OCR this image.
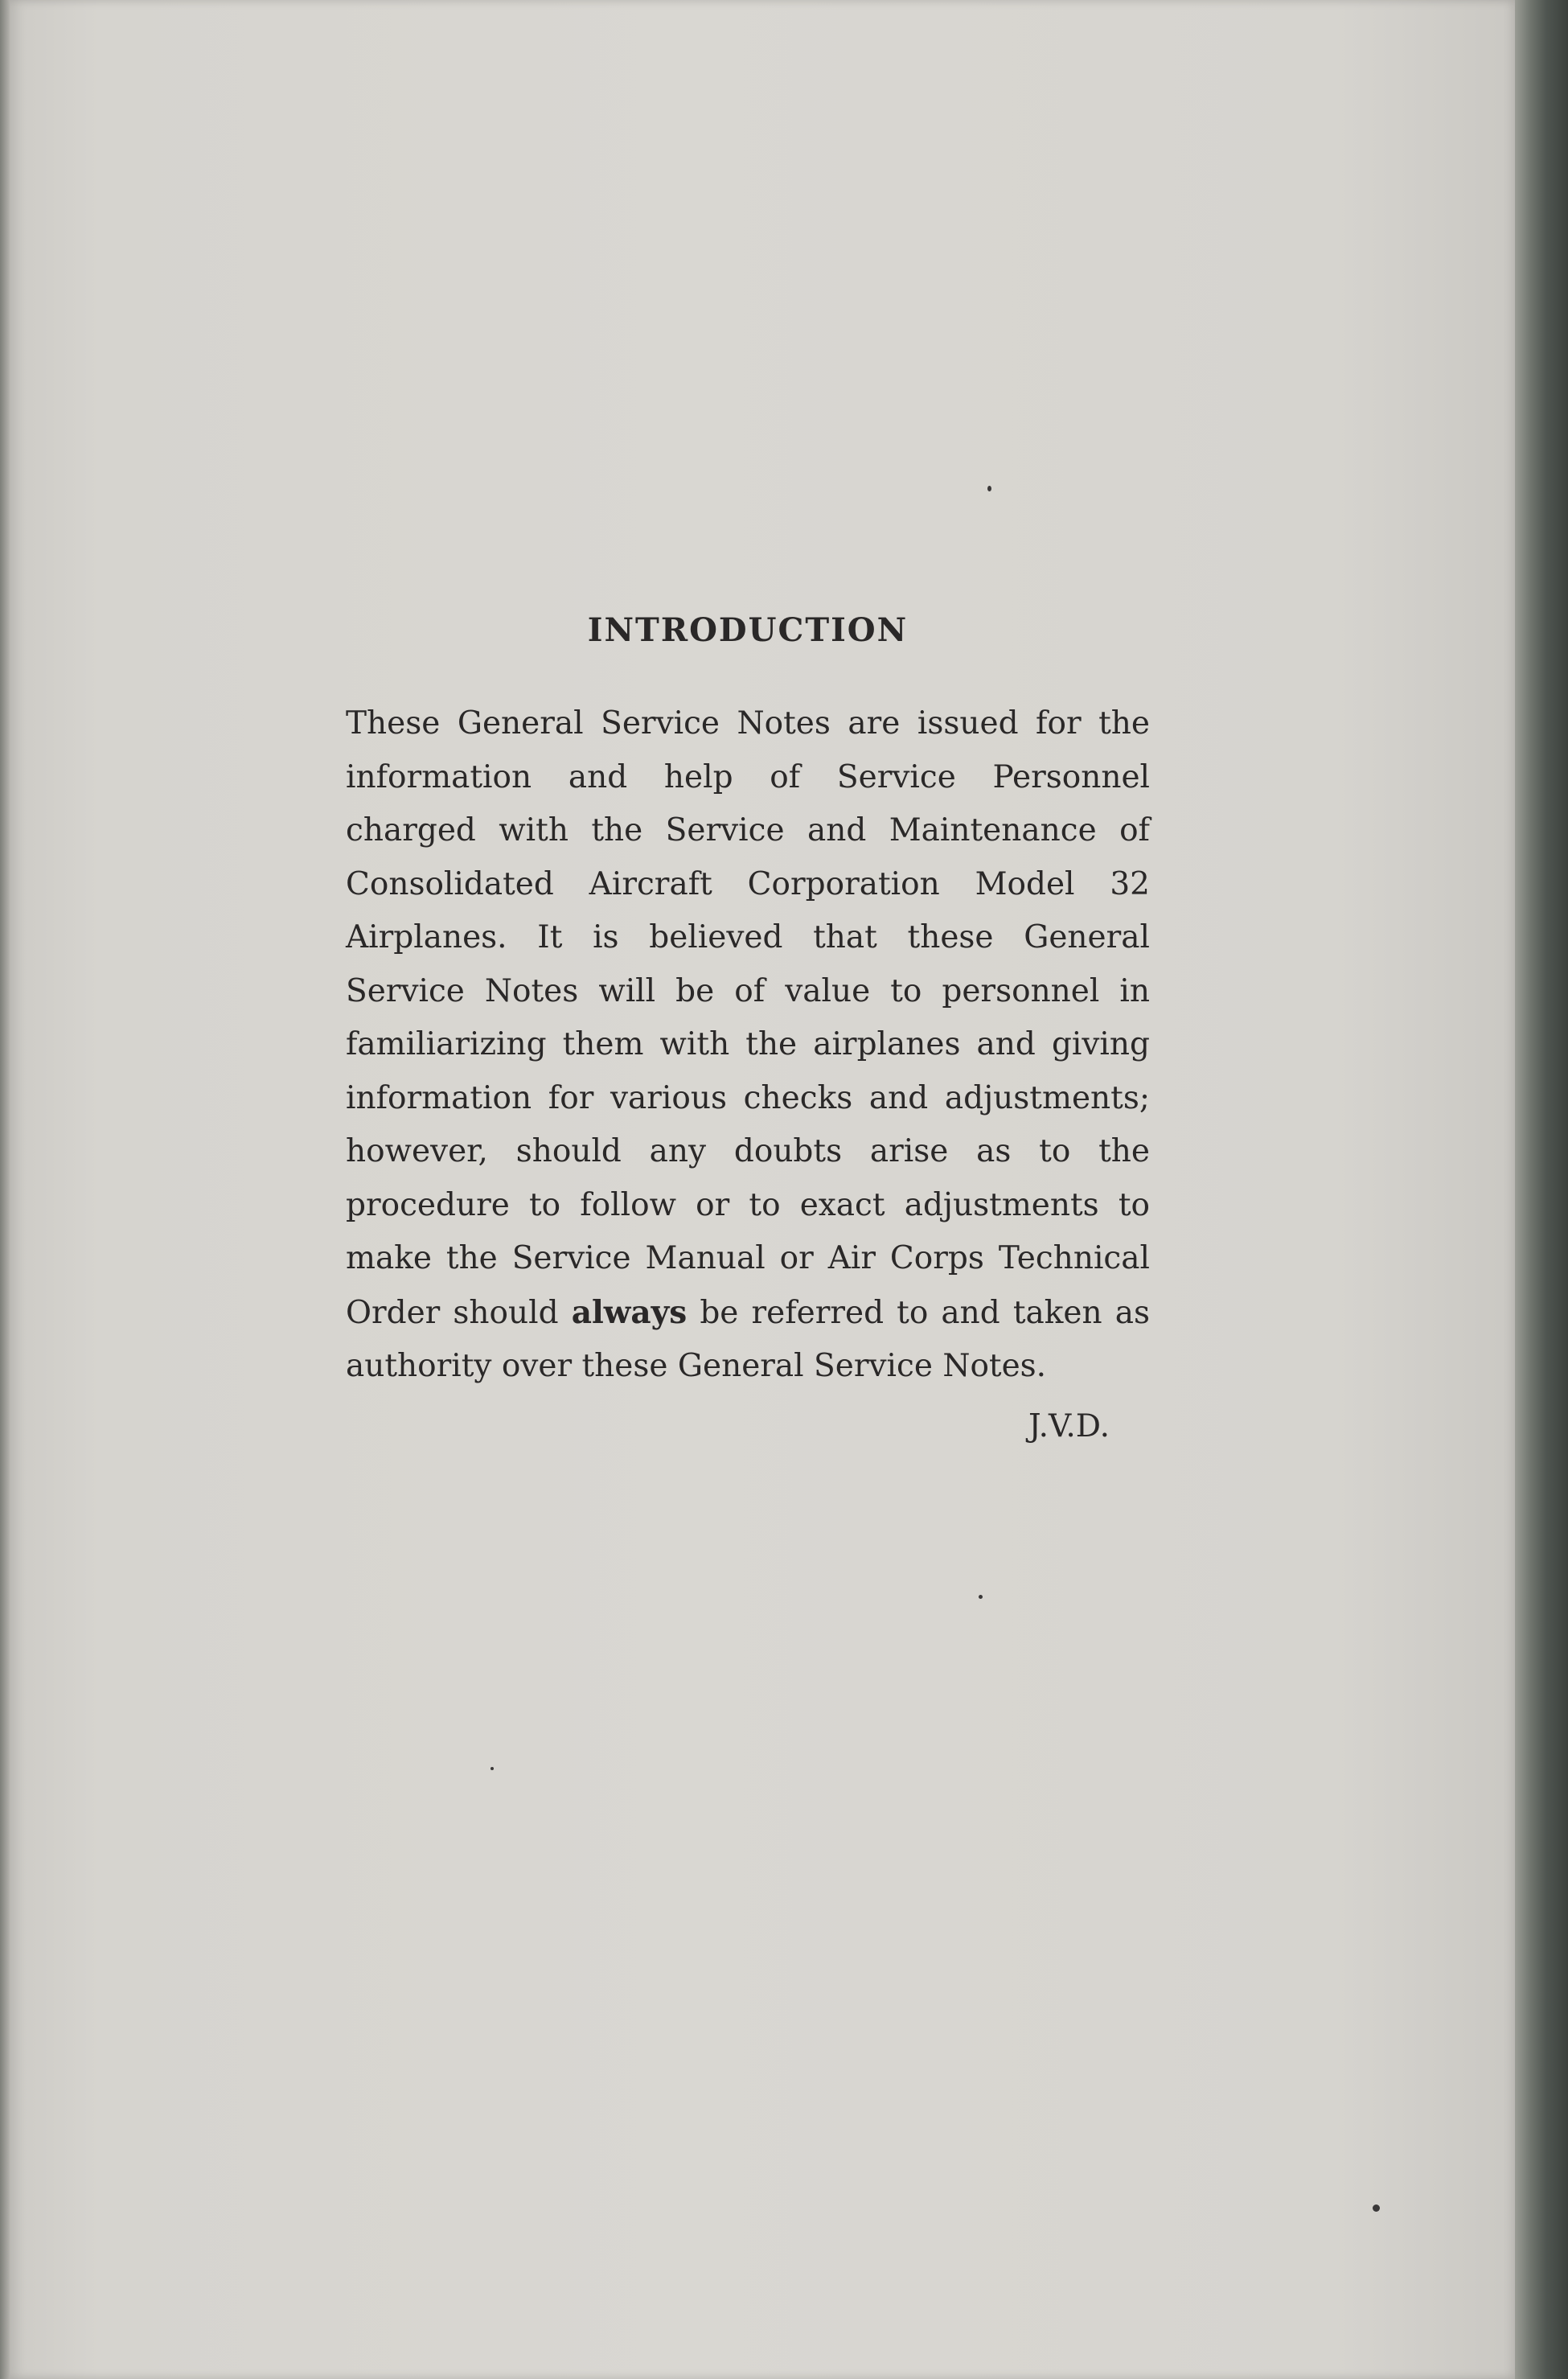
INTRODUCTION

These General Service Notes are issued for the information and help of Service Personnel charged with the Service and Maintenance of Consolidated Aircraft Corporation Model 32 Airplanes. It is believed that these General Service Notes will be of value to personnel in familiarizing them with the airplanes and giving information for various checks and adjustments; however, should any doubts arise as to the procedure to follow or to exact adjustments to make the Service Manual or Air Corps Technical Order should always be referred to and taken as authority over these General Service Notes.

J.V.D.
